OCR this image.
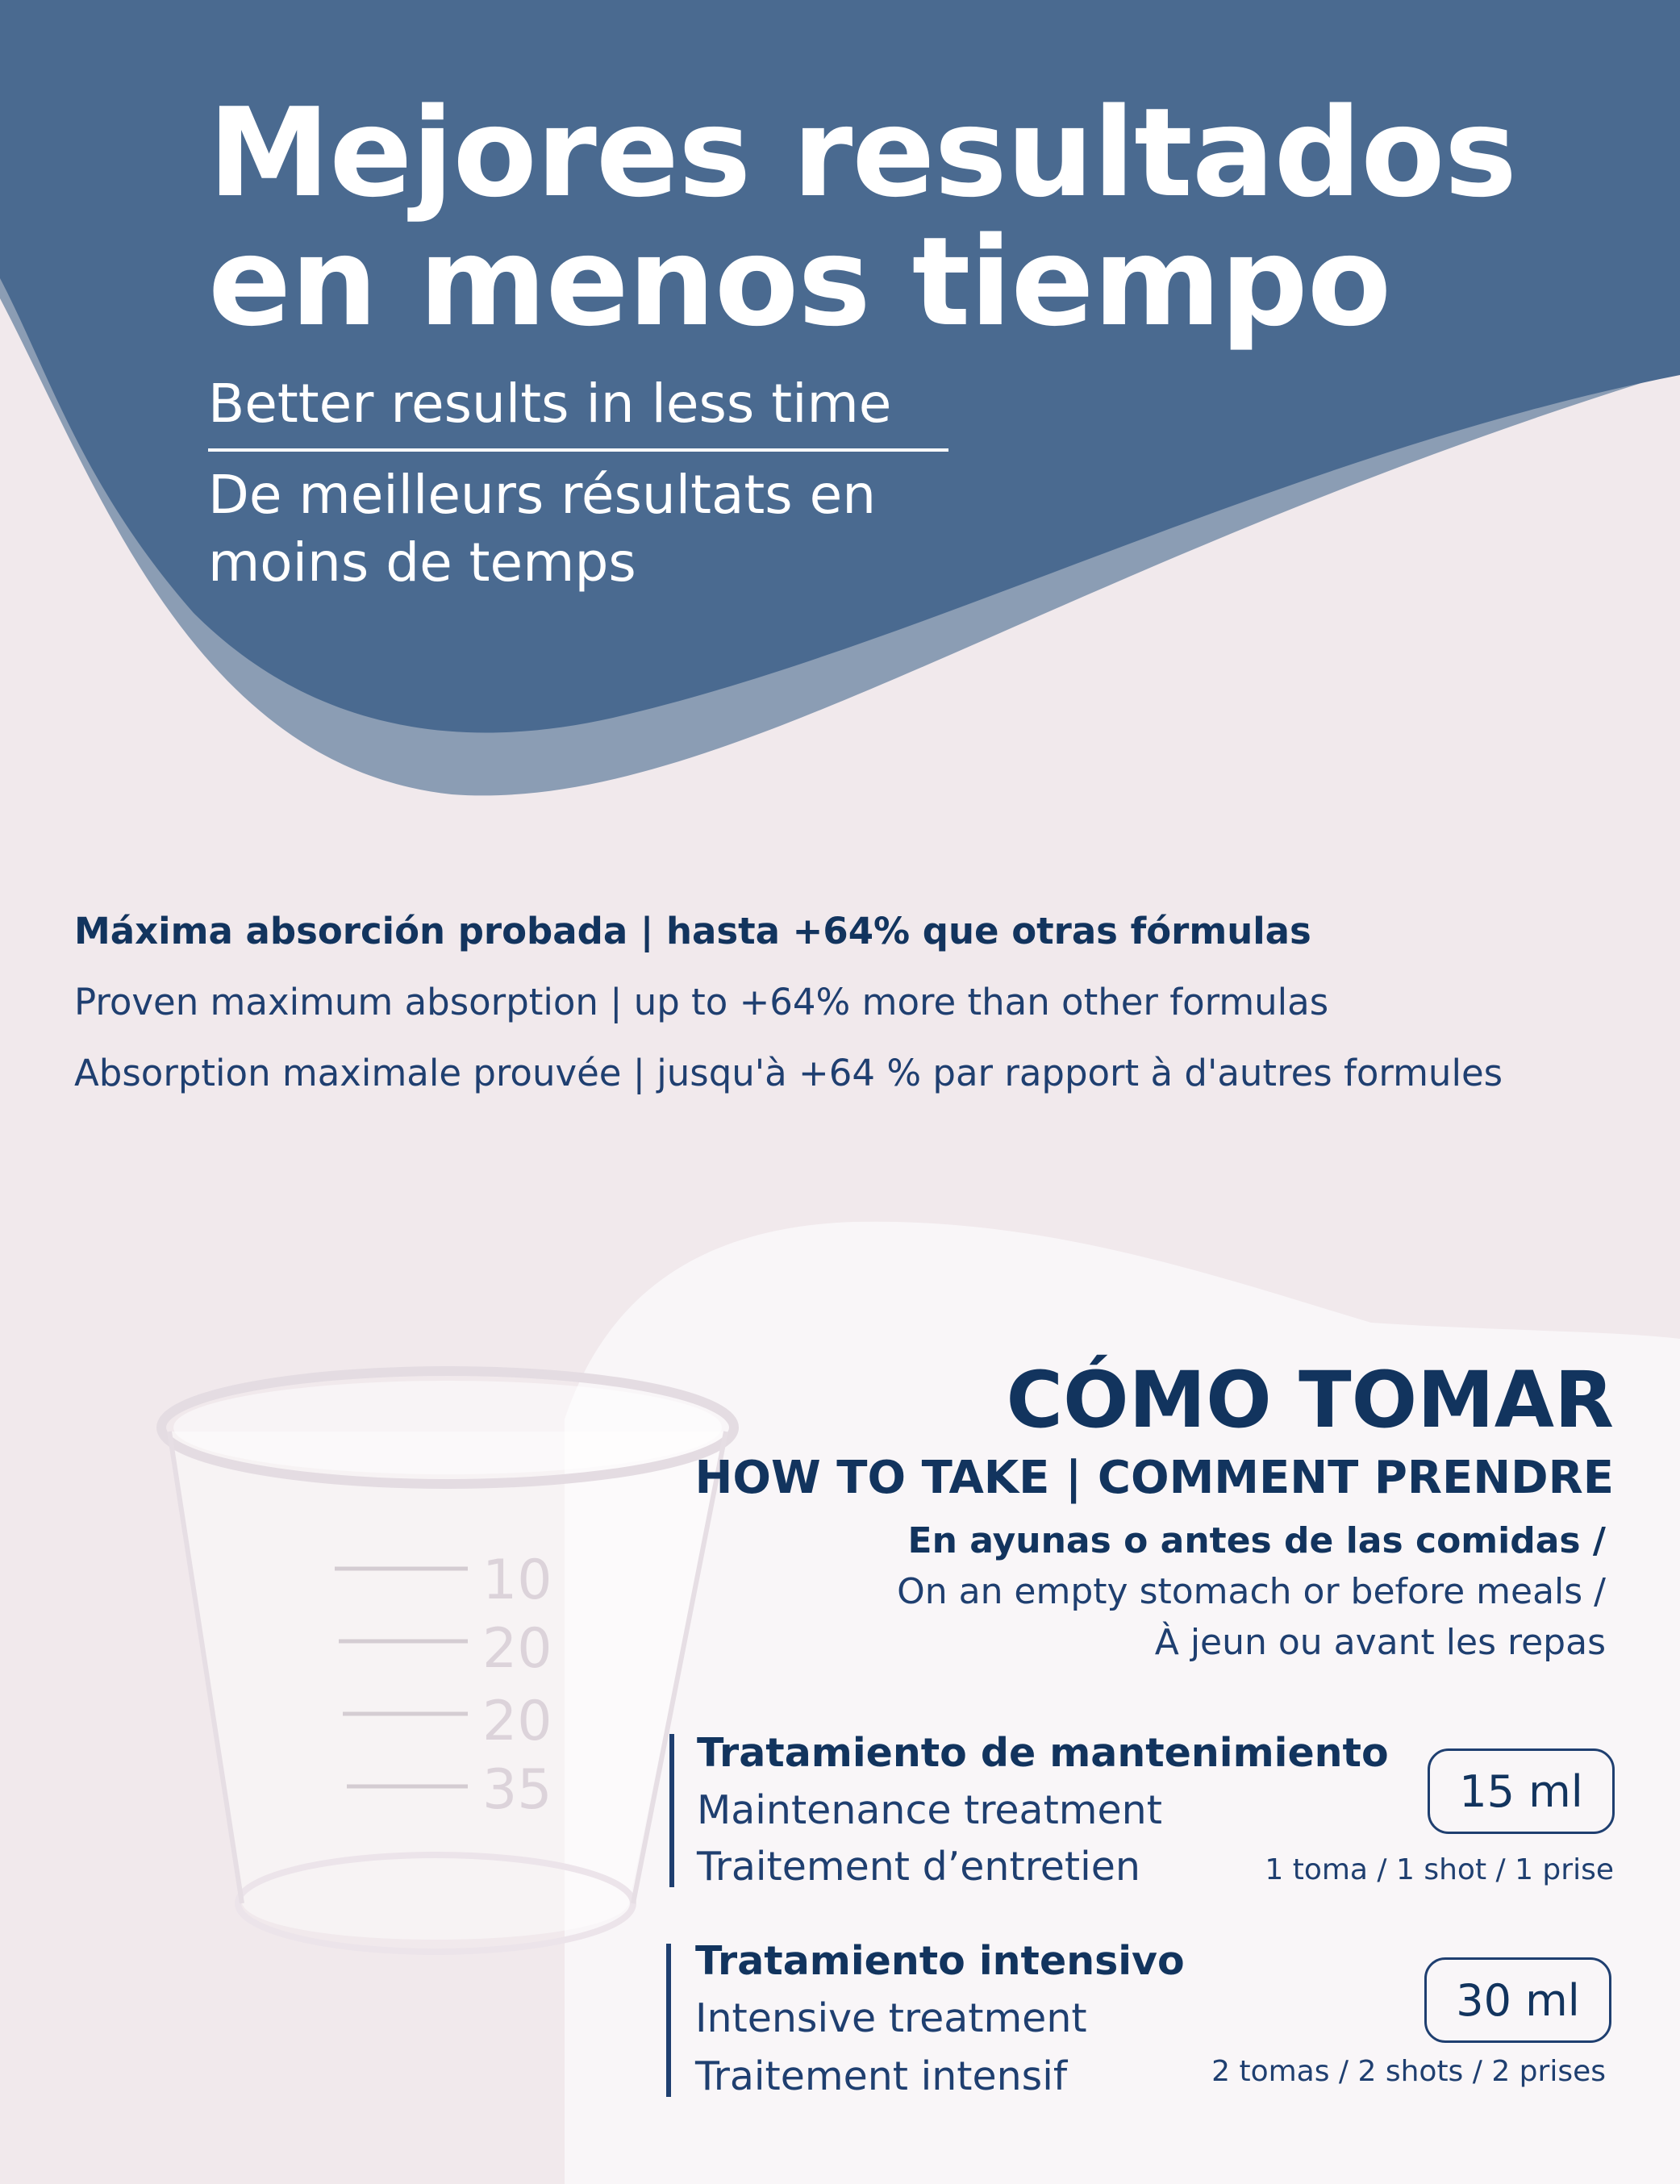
10
20
20
35
Mejores resultados
en menos tiempo
Better results in less time
De meilleurs résultats en
moins de temps
Máxima absorción probada | hasta +64% que otras fórmulas
Proven maximum absorption | up to +64% more than other formulas
Absorption maximale prouvée | jusqu'à +64 % par rapport à d'autres formules
CÓMO TOMAR
HOW TO TAKE | COMMENT PRENDRE
En ayunas o antes de las comidas /
On an empty stomach or before meals /
À jeun ou avant les repas
Tratamiento de mantenimiento
Maintenance treatment
Traitement d’entretien
15 ml
1 toma / 1 shot / 1 prise
Tratamiento intensivo
Intensive treatment
Traitement intensif
30 ml
2 tomas / 2 shots / 2 prises
